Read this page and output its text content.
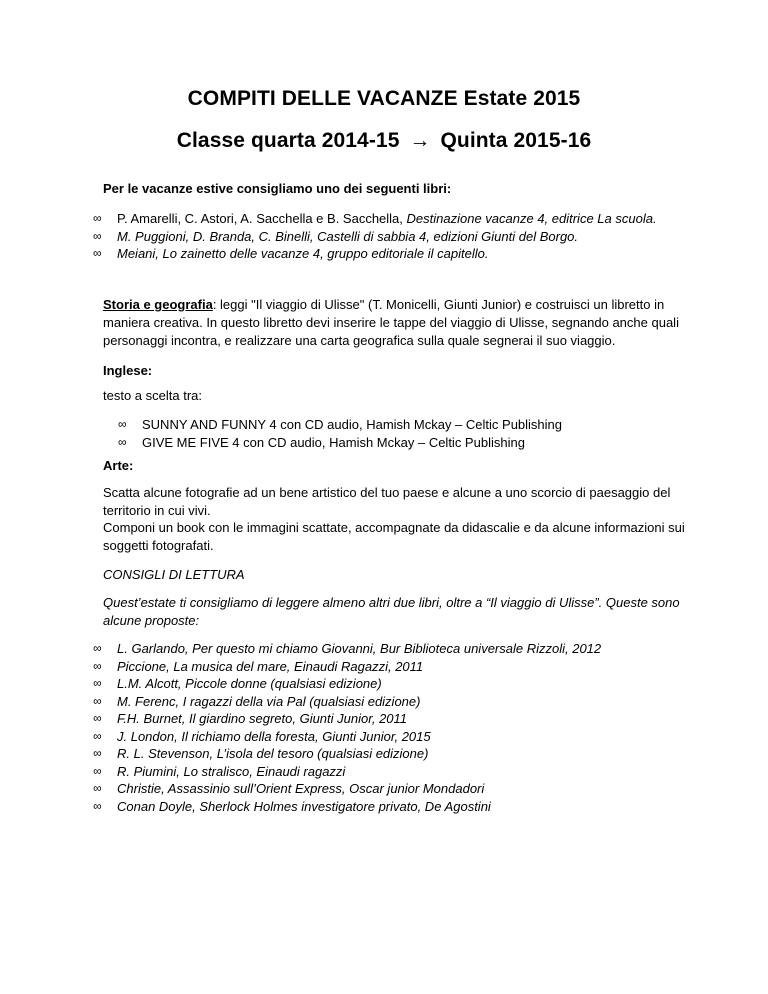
COMPITI DELLE VACANZE Estate 2015
Classe quarta 2014-15 → Quinta 2015-16
Per le vacanze estive consigliamo uno dei seguenti libri:
∞ P. Amarelli, C. Astori, A. Sacchella e B. Sacchella, Destinazione vacanze 4, editrice La scuola.
∞ M. Puggioni, D. Branda, C. Binelli, Castelli di sabbia 4, edizioni Giunti del Borgo.
∞ Meiani, Lo zainetto delle vacanze 4, gruppo editoriale il capitello.
Storia e geografia: leggi "Il viaggio di Ulisse" (T. Monicelli, Giunti Junior) e costruisci un libretto in maniera creativa. In questo libretto devi inserire le tappe del viaggio di Ulisse, segnando anche quali personaggi incontra, e realizzare una carta geografica sulla quale segnerai il suo viaggio.
Inglese:
testo a scelta tra:
∞ SUNNY AND FUNNY 4 con CD audio, Hamish Mckay – Celtic Publishing
∞ GIVE ME FIVE 4 con CD audio, Hamish Mckay – Celtic Publishing
Arte:
Scatta alcune fotografie ad un bene artistico del tuo paese e alcune a uno scorcio di paesaggio del territorio in cui vivi.
Componi un book con le immagini scattate, accompagnate da didascalie e da alcune informazioni sui soggetti fotografati.
CONSIGLI DI LETTURA
Quest’estate ti consigliamo di leggere almeno altri due libri, oltre a “Il viaggio di Ulisse”. Queste sono alcune proposte:
∞ L. Garlando, Per questo mi chiamo Giovanni, Bur Biblioteca universale Rizzoli, 2012
∞ Piccione, La musica del mare, Einaudi Ragazzi, 2011
∞ L.M. Alcott, Piccole donne (qualsiasi edizione)
∞ M. Ferenc, I ragazzi della via Pal (qualsiasi edizione)
∞ F.H. Burnet, Il giardino segreto, Giunti Junior, 2011
∞ J. London, Il richiamo della foresta, Giunti Junior, 2015
∞ R. L. Stevenson, L’isola del tesoro (qualsiasi edizione)
∞ R. Piumini, Lo stralisco, Einaudi ragazzi
∞ Christie, Assassinio sull’Orient Express, Oscar junior Mondadori
∞ Conan Doyle, Sherlock Holmes investigatore privato, De Agostini
